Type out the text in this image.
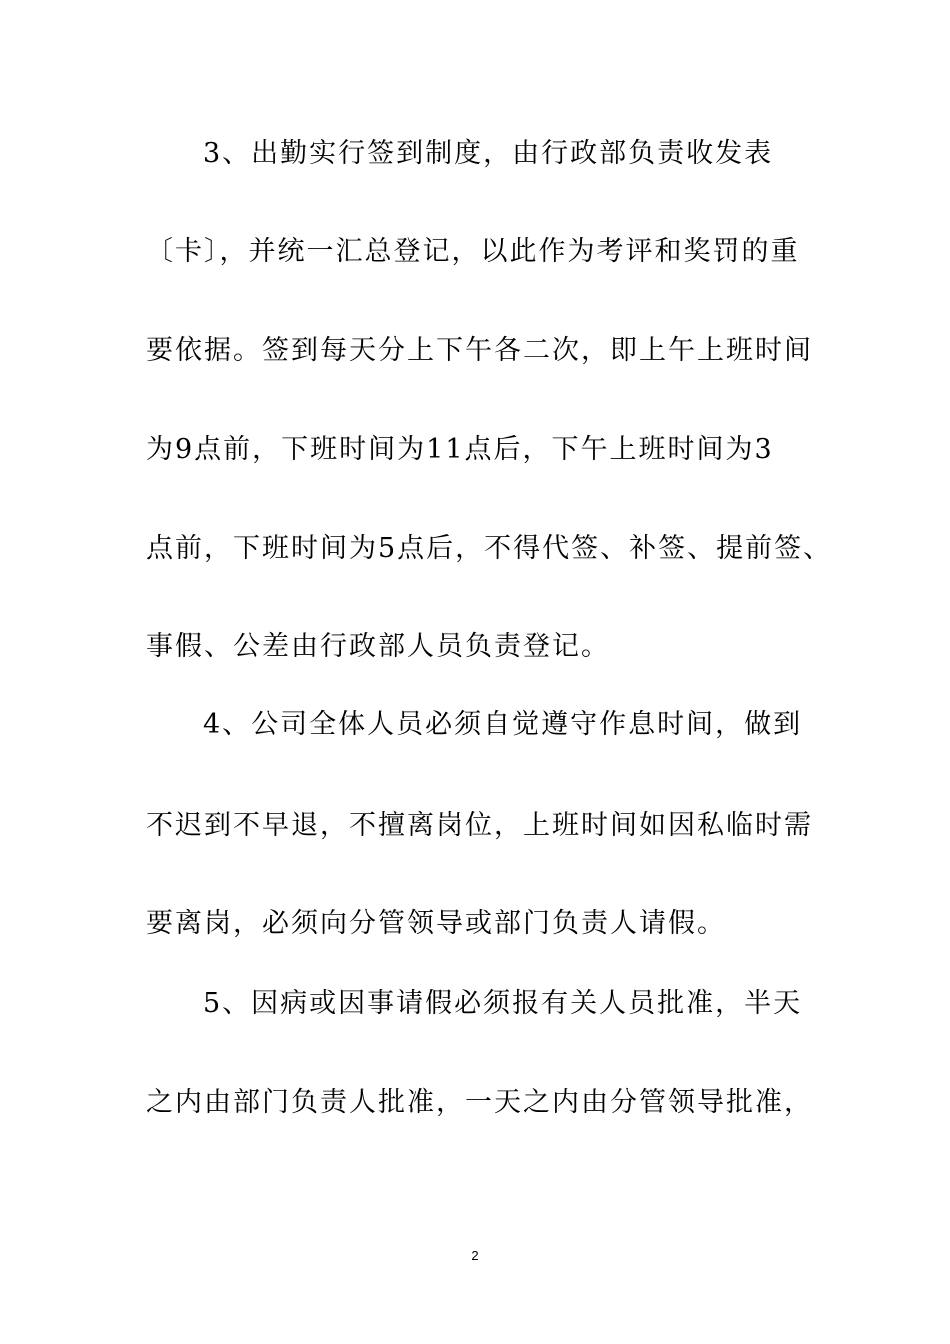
3、出勤实行签到制度，由行政部负责收发表
〔卡〕，并统一汇总登记，以此作为考评和奖罚的重
要依据。签到每天分上下午各二次，即上午上班时间
为9点前，下班时间为11点后，下午上班时间为3
点前，下班时间为5点后，不得代签、补签、提前签、
事假、公差由行政部人员负责登记。
4、公司全体人员必须自觉遵守作息时间，做到
不迟到不早退，不擅离岗位，上班时间如因私临时需
要离岗，必须向分管领导或部门负责人请假。
5、因病或因事请假必须报有关人员批准，半天
之内由部门负责人批准，一天之内由分管领导批准，
2
